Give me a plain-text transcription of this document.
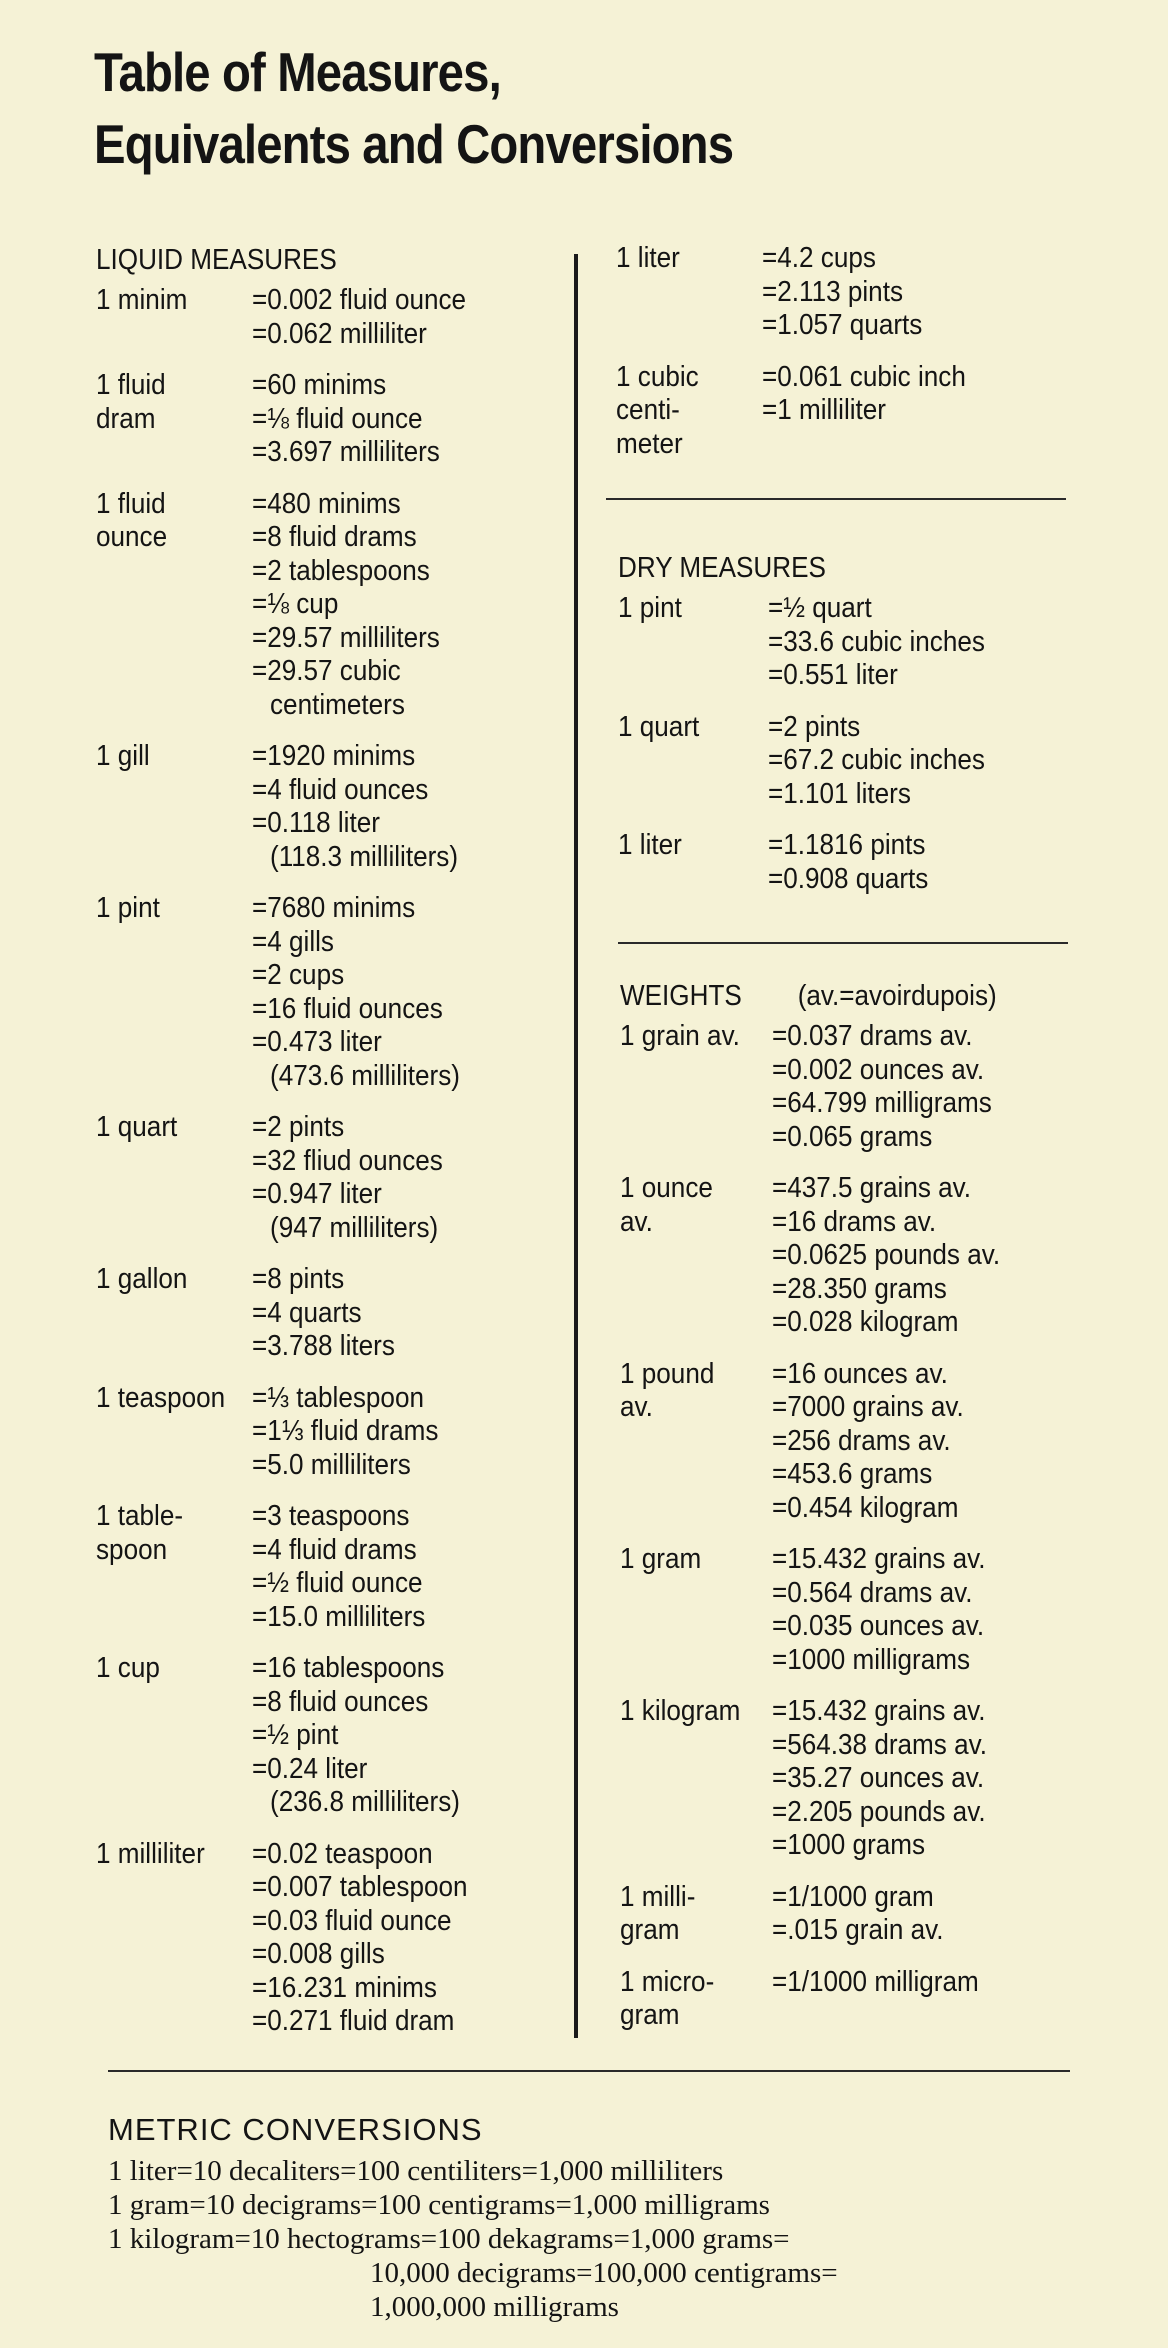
Table of Measures,
Equivalents and Conversions
LIQUID MEASURES
1 minim =0.002 fluid ounce
=0.062 milliliter
1 fluid
dram
=60 minims
=⅛ fluid ounce
=3.697 milliliters
1 fluid
ounce
=480 minims
=8 fluid drams
=2 tablespoons
=⅛ cup
=29.57 milliliters
=29.57 cubic
centimeters
1 gill	=1920 minims
=4 fluid ounces
=0.118 liter
(118.3 milliliters)
1 pint	=7680 minims
=4 gills
=2 cups
=16 fluid ounces
=0.473 liter
(473.6 milliliters)
1 quart	=2 pints
=32 fliud ounces
=0.947 liter
(947 milliliters)
1 gallon =8 pints
=4 quarts
=3.788 liters
1 teaspoon =⅓ tablespoon
=1⅓ fluid drams
=5.0 milliliters
1 table-
spoon
=3 teaspoons
=4 fluid drams
=½ fluid ounce
=15.0 milliliters
1 cup	=16 tablespoons
=8 fluid ounces
=½ pint
=0.24 liter
(236.8 milliliters)
1 milliliter =0.02 teaspoon
=0.007 tablespoon
=0.03 fluid ounce
=0.008 gills
=16.231 minims
=0.271 fluid dram
1 liter	=4.2 cups
=2.113 pints
=1.057 quarts
1 cubic
centi-
meter
=0.061 cubic inch
=1 milliliter
DRY MEASURES
1 pint	=½ quart
=33.6 cubic inches
=0.551 liter
1 quart =2 pints
=67.2 cubic inches
=1.101 liters
1 liter	=1.1816 pints
=0.908 quarts
WEIGHTS (av.=avoirdupois)
1 grain av. =0.037 drams av.
=0.002 ounces av.
=64.799 milligrams
=0.065 grams
1 ounce
av.
=437.5 grains av.
=16 drams av.
=0.0625 pounds av.
=28.350 grams
=0.028 kilogram
1 pound
av.
=16 ounces av.
=7000 grains av.
=256 drams av.
=453.6 grams
=0.454 kilogram
1 gram =15.432 grains av.
=0.564 drams av.
=0.035 ounces av.
=1000 milligrams
1 kilogram =15.432 grains av.
=564.38 drams av.
=35.27 ounces av.
=2.205 pounds av.
=1000 grams
1 milli-
gram
=1/1000 gram
=.015 grain av.
1 micro-
gram
=1/1000 milligram
METRIC CONVERSIONS
1 liter=10 decaliters=100 centiliters=1,000 milliliters
1 gram=10 decigrams=100 centigrams=1,000 milligrams
1 kilogram=10 hectograms=100 dekagrams=1,000 grams=
10,000 decigrams=100,000 centigrams=
1,000,000 milligrams
